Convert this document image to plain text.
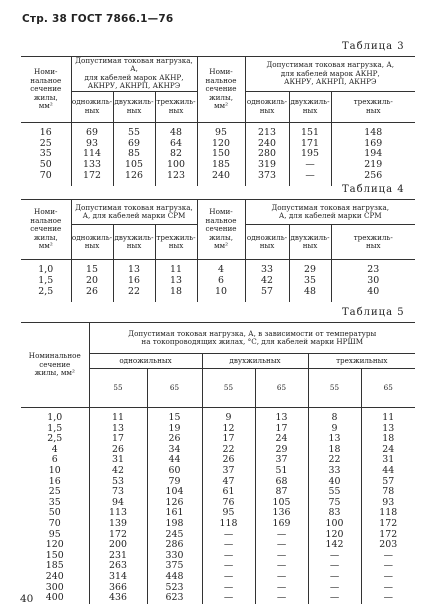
Стр. 38 ГОСТ 7866.1—76
Таблица 3
Номи-
нальное
сечение
жилы,
мм²	Допустимая токовая нагрузка, А,
для кабелей марок АКНР,
АКНРУ, АКНРП, АКНРЭ			Номи-
нальное
сечение
жилы,
мм²	Допустимая токовая нагрузка, А,
для кабелей марок АКНР,
АКНРУ, АКНРП, АКНРЭ		

	одножиль-
ных	двухжиль-
ных	трехжиль-
ных		одножиль-
ных	двухжиль-
ных	трехжиль-
ных

16	69	55	48	95	213	151	148
25	93	69	64	120	240	171	169
35	114	85	82	150	280	195	194
50	133	105	100	185	319	—	219
70	172	126	123	240	373	—	256
Таблица 4
Номи-
нальное
сечение
жилы,
мм²	Допустимая токовая нагрузка,
А, для кабелей марки СРМ			Номи-
нальное
сечение
жилы,
мм²	Допустимая токовая нагрузка,
А, для кабелей марки СРМ		

	одножиль-
ных	двухжиль-
ных	трехжиль-
ных		одножиль-
ных	двухжиль-
ных	трехжиль-
ных

1,0	15	13	11	4	33	29	23
1,5	20	16	13	6	42	35	30
2,5	26	22	18	10	57	48	40
Таблица 5
Номинальное
сечение
жилы, мм²	Допустимая токовая нагрузка, А, в зависимости от температуры
на токопроводящих жилах, °С, для кабелей марки НРШМ					

	одножильных		двухжильных		трехжильных	
	55	65	55	65	55	65
1,0	11	15	9	13	8	11
1,5	13	19	12	17	9	13
2,5	17	26	17	24	13	18
4	26	34	22	29	18	24
6	31	44	26	37	22	31
10	42	60	37	51	33	44
16	53	79	47	68	40	57
25	73	104	61	87	55	78
35	94	126	76	105	75	93
50	113	161	95	136	83	118
70	139	198	118	169	100	172
95	172	245	—	—	120	172
120	200	286	—	—	142	203
150	231	330	—	—	—	—
185	263	375	—	—	—	—
240	314	448	—	—	—	—
300	366	523	—	—	—	—
400	436	623	—	—	—	—
40
